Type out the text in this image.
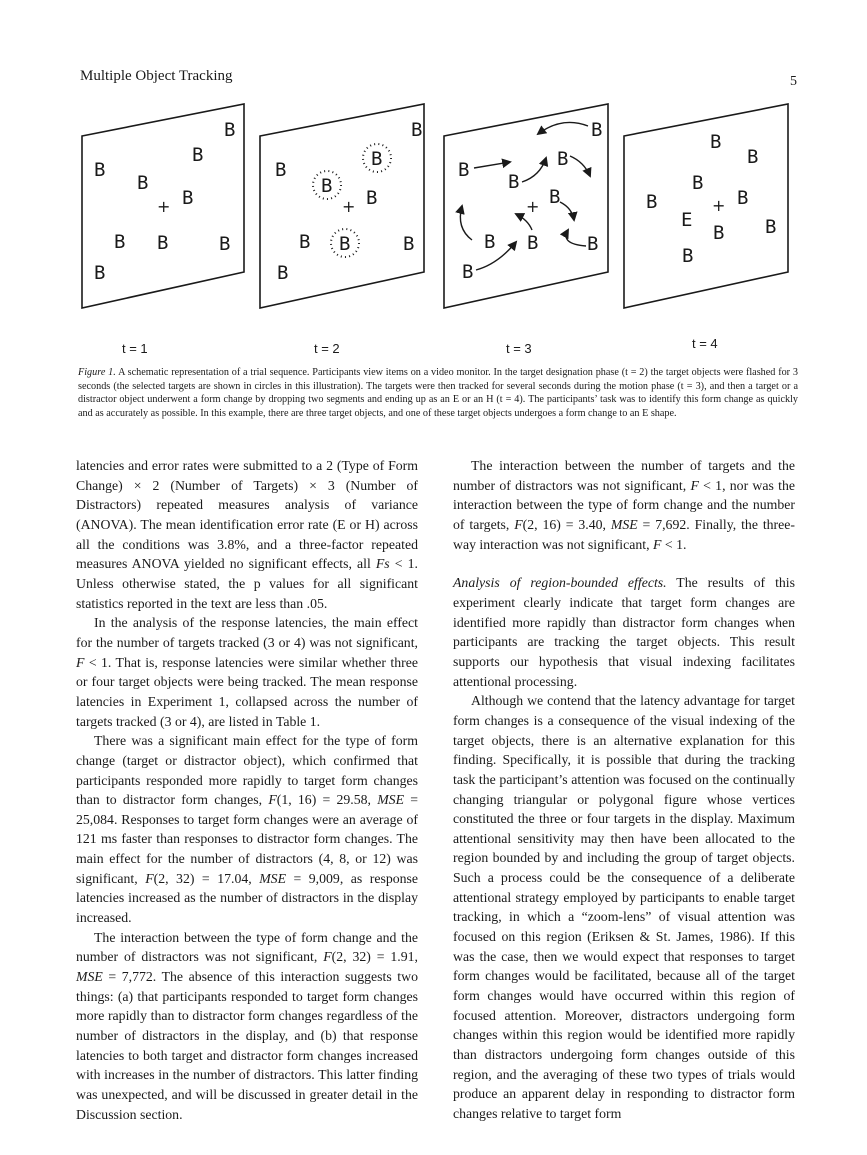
Multiple Object Tracking	5
B
B
B
B
+ B
B B	B
B
t = 1
B
B
B
B
+ B
B B	B
B
t = 2
B
B
B
B
+ B
B B	B
B
t = 3
B
B
B
+ B
B
E
B B
B
t = 4
Figure 1. A schematic representation of a trial sequence. Participants view items on a video monitor. In the target designation phase (t = 2) the target objects were flashed for 3 seconds (the selected targets are shown in circles in this illustration). The targets were then tracked for several seconds during the motion phase (t = 3), and then a target or a distractor object underwent a form change by dropping two segments and ending up as an E or an H (t = 4). The participants’ task was to identify this form change as quickly and as accurately as possible. In this example, there are three target objects, and one of these target objects undergoes a form change to an E shape.

latencies and error rates were submitted to a 2 (Type of Form Change) × 2 (Number of Targets) × 3 (Number of Distractors) repeated measures analysis of variance (ANOVA). The mean identification error rate (E or H) across all the conditions was 3.8%, and a three-factor repeated measures ANOVA yielded no significant effects, all Fs < 1. Unless otherwise stated, the p values for all significant statistics reported in the text are less than .05.

In the analysis of the response latencies, the main effect for the number of targets tracked (3 or 4) was not significant, F < 1. That is, response latencies were similar whether three or four target objects were being tracked. The mean response latencies in Experiment 1, collapsed across the number of targets tracked (3 or 4), are listed in Table 1.

There was a significant main effect for the type of form change (target or distractor object), which confirmed that participants responded more rapidly to target form changes than to distractor form changes, F(1, 16) = 29.58, MSE = 25,084. Responses to target form changes were an average of 121 ms faster than responses to distractor form changes. The main effect for the number of distractors (4, 8, or 12) was significant, F(2, 32) = 17.04, MSE = 9,009, as response latencies increased as the number of distractors in the display increased.

The interaction between the type of form change and the number of distractors was not significant, F(2, 32) = 1.91, MSE = 7,772. The absence of this interaction suggests two things: (a) that participants responded to target form changes more rapidly than to distractor form changes regardless of the number of distractors in the display, and (b) that response latencies to both target and distractor form changes increased with increases in the number of distractors. This latter finding was unexpected, and will be discussed in greater detail in the Discussion section.

The interaction between the number of targets and the number of distractors was not significant, F < 1, nor was the interaction between the type of form change and the number of targets, F(2, 16) = 3.40, MSE = 7,692. Finally, the three-way interaction was not significant, F < 1.

Analysis of region-bounded effects. The results of this experiment clearly indicate that target form changes are identified more rapidly than distractor form changes when participants are tracking the target objects. This result supports our hypothesis that visual indexing facilitates attentional processing.

Although we contend that the latency advantage for target form changes is a consequence of the visual indexing of the target objects, there is an alternative explanation for this finding. Specifically, it is possible that during the tracking task the participant’s attention was focused on the continually changing triangular or polygonal figure whose vertices constituted the three or four targets in the display. Maximum attentional sensitivity may then have been allocated to the region bounded by and including the group of target objects. Such a process could be the consequence of a deliberate attentional strategy employed by participants to enable target tracking, in which a “zoom-lens” of visual attention was focused on this region (Eriksen & St. James, 1986). If this was the case, then we would expect that responses to target form changes would be facilitated, because all of the target form changes would have occurred within this region of focused attention. Moreover, distractors undergoing form changes within this region would be identified more rapidly than distractors undergoing form changes outside of this region, and the averaging of these two types of trials would produce an apparent delay in responding to distractor form changes relative to target form
